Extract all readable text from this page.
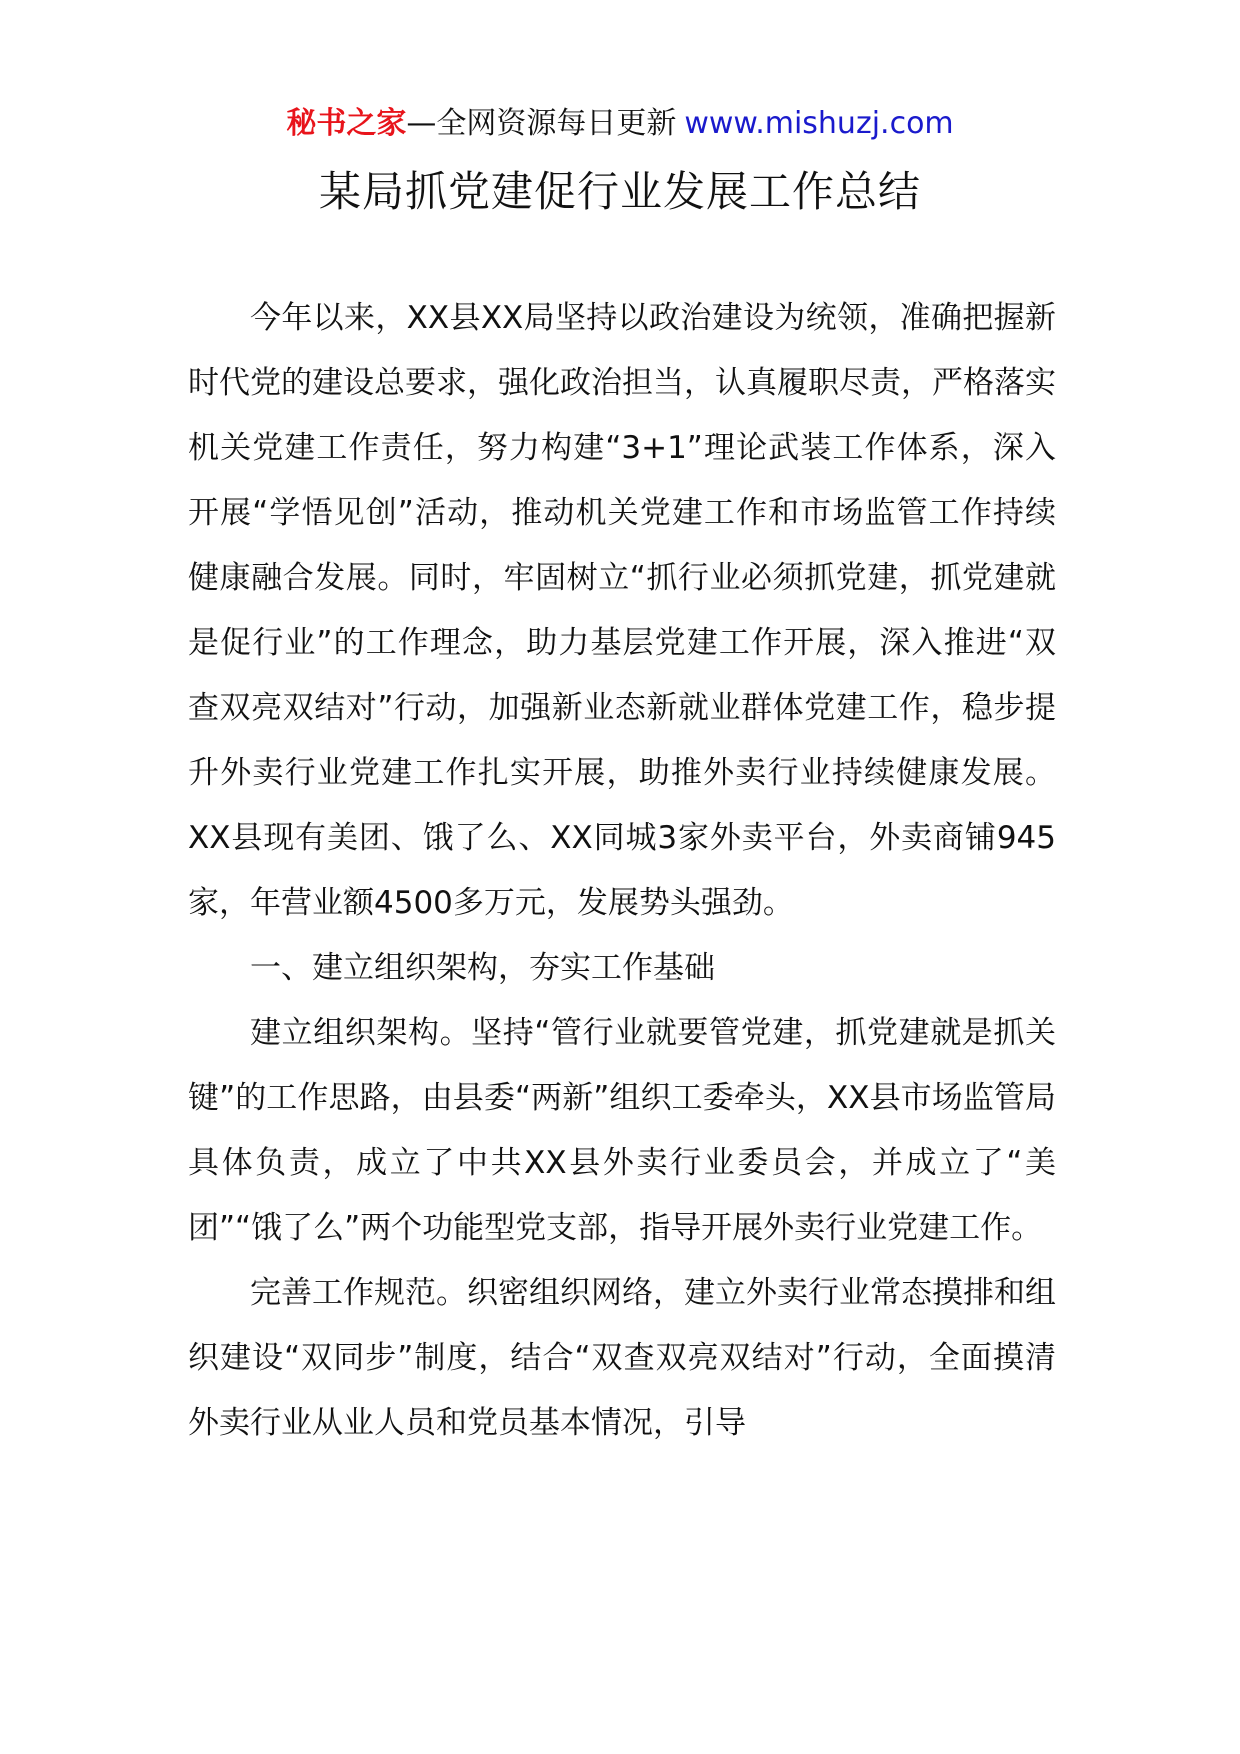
秘书之家—全网资源每日更新 www.mishuzj.com
某局抓党建促行业发展工作总结

今年以来，XX县XX局坚持以政治建设为统领，准确把握新时代党的建设总要求，强化政治担当，认真履职尽责，严格落实机关党建工作责任，努力构建“3+1”理论武装工作体系，深入开展“学悟见创”活动，推动机关党建工作和市场监管工作持续健康融合发展。同时，牢固树立“抓行业必须抓党建，抓党建就是促行业”的工作理念，助力基层党建工作开展，深入推进“双查双亮双结对”行动，加强新业态新就业群体党建工作，稳步提升外卖行业党建工作扎实开展，助推外卖行业持续健康发展。XX县现有美团、饿了么、XX同城3家外卖平台，外卖商铺945家，年营业额4500多万元，发展势头强劲。

一、建立组织架构，夯实工作基础

建立组织架构。坚持“管行业就要管党建，抓党建就是抓关键”的工作思路，由县委“两新”组织工委牵头，XX县市场监管局具体负责，成立了中共XX县外卖行业委员会，并成立了“美团”“饿了么”两个功能型党支部，指导开展外卖行业党建工作。

完善工作规范。织密组织网络，建立外卖行业常态摸排和组织建设“双同步”制度，结合“双查双亮双结对”行动，全面摸清外卖行业从业人员和党员基本情况，引导
